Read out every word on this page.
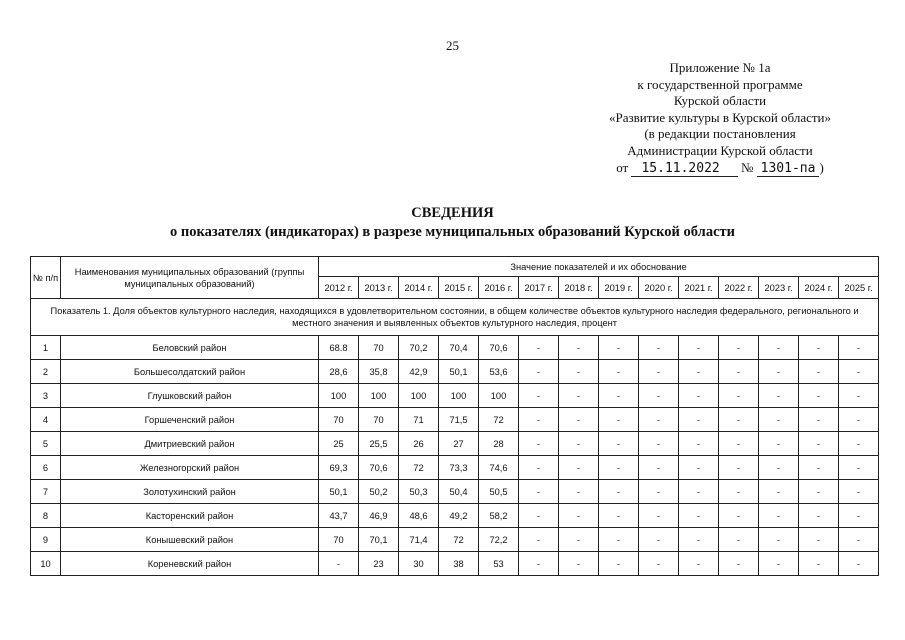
25
Приложение № 1а
к государственной программе
Курской области
«Развитие культуры в Курской области»
(в редакции постановления
Администрации Курской области
от 15.11.2022 № 1301-па )
СВЕДЕНИЯ
о показателях (индикаторах) в разрезе муниципальных образований Курской области
№ п/п	Наименования муниципальных образований (группы муниципальных образований)	Значение показателей и их обоснование													
		2012 г.	2013 г.	2014 г.	2015 г.	2016 г.	2017 г.	2018 г.	2019 г.	2020 г.	2021 г.	2022 г.	2023 г.	2024 г.	2025 г.
Показатель 1. Доля объектов культурного наследия, находящихся в удовлетворительном состоянии, в общем количестве объектов культурного наследия федерального, регионального и местного значения и выявленных объектов культурного наследия, процент															
1	Беловский район	68.8	70	70,2	70,4	70,6	-	-	-	-	-	-	-	-	-
2	Большесолдатский район	28,6	35,8	42,9	50,1	53,6	-	-	-	-	-	-	-	-	-
3	Глушковский район	100	100	100	100	100	-	-	-	-	-	-	-	-	-
4	Горшеченский район	70	70	71	71,5	72	-	-	-	-	-	-	-	-	-
5	Дмитриевский район	25	25,5	26	27	28	-	-	-	-	-	-	-	-	-
6	Железногорский район	69,3	70,6	72	73,3	74,6	-	-	-	-	-	-	-	-	-
7	Золотухинский район	50,1	50,2	50,3	50,4	50,5	-	-	-	-	-	-	-	-	-
8	Касторенский район	43,7	46,9	48,6	49,2	58,2	-	-	-	-	-	-	-	-	-
9	Конышевский район	70	70,1	71,4	72	72,2	-	-	-	-	-	-	-	-	-
10	Кореневский район	-	23	30	38	53	-	-	-	-	-	-	-	-	-
